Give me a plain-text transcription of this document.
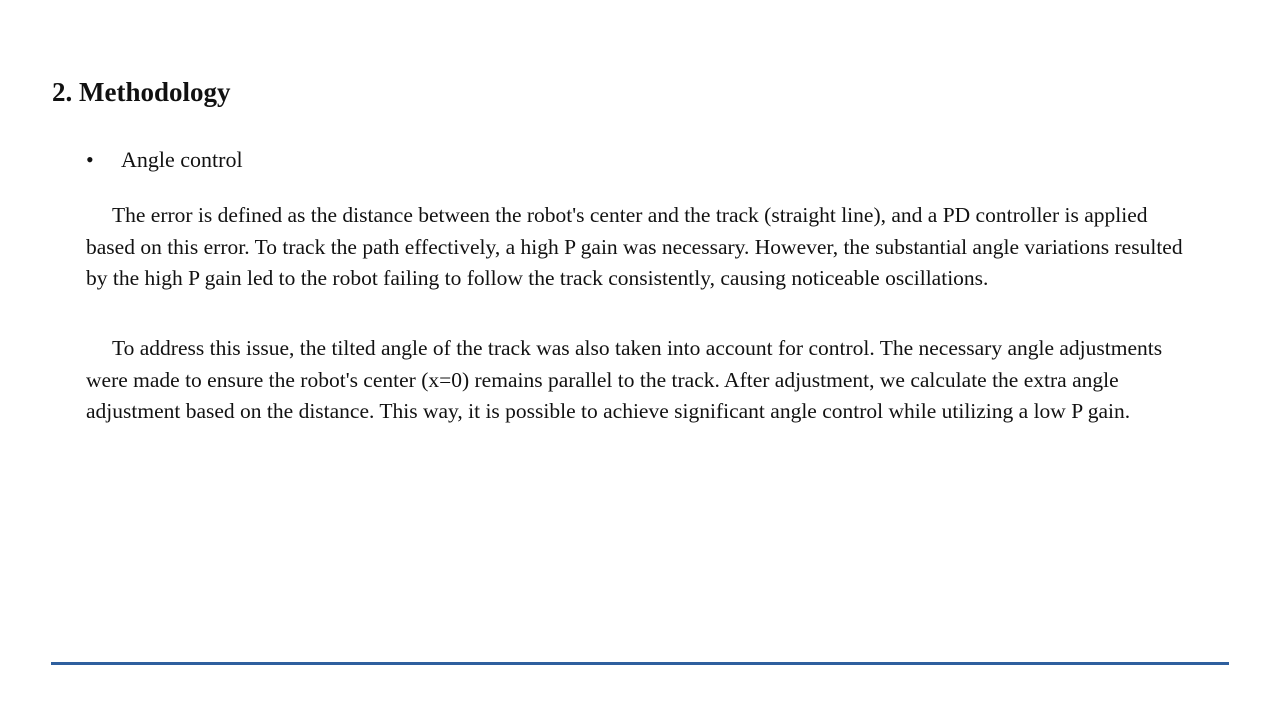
2. Methodology
• Angle control

The error is defined as the distance between the robot's center and the track (straight line), and a PD controller is applied based on this error. To track the path effectively, a high P gain was necessary. However, the substantial angle variations resulted by the high P gain led to the robot failing to follow the track consistently, causing noticeable oscillations.

To address this issue, the tilted angle of the track was also taken into account for control. The necessary angle adjustments were made to ensure the robot's center (x=0) remains parallel to the track. After adjustment, we calculate the extra angle adjustment based on the distance. This way, it is possible to achieve significant angle control while utilizing a low P gain.
